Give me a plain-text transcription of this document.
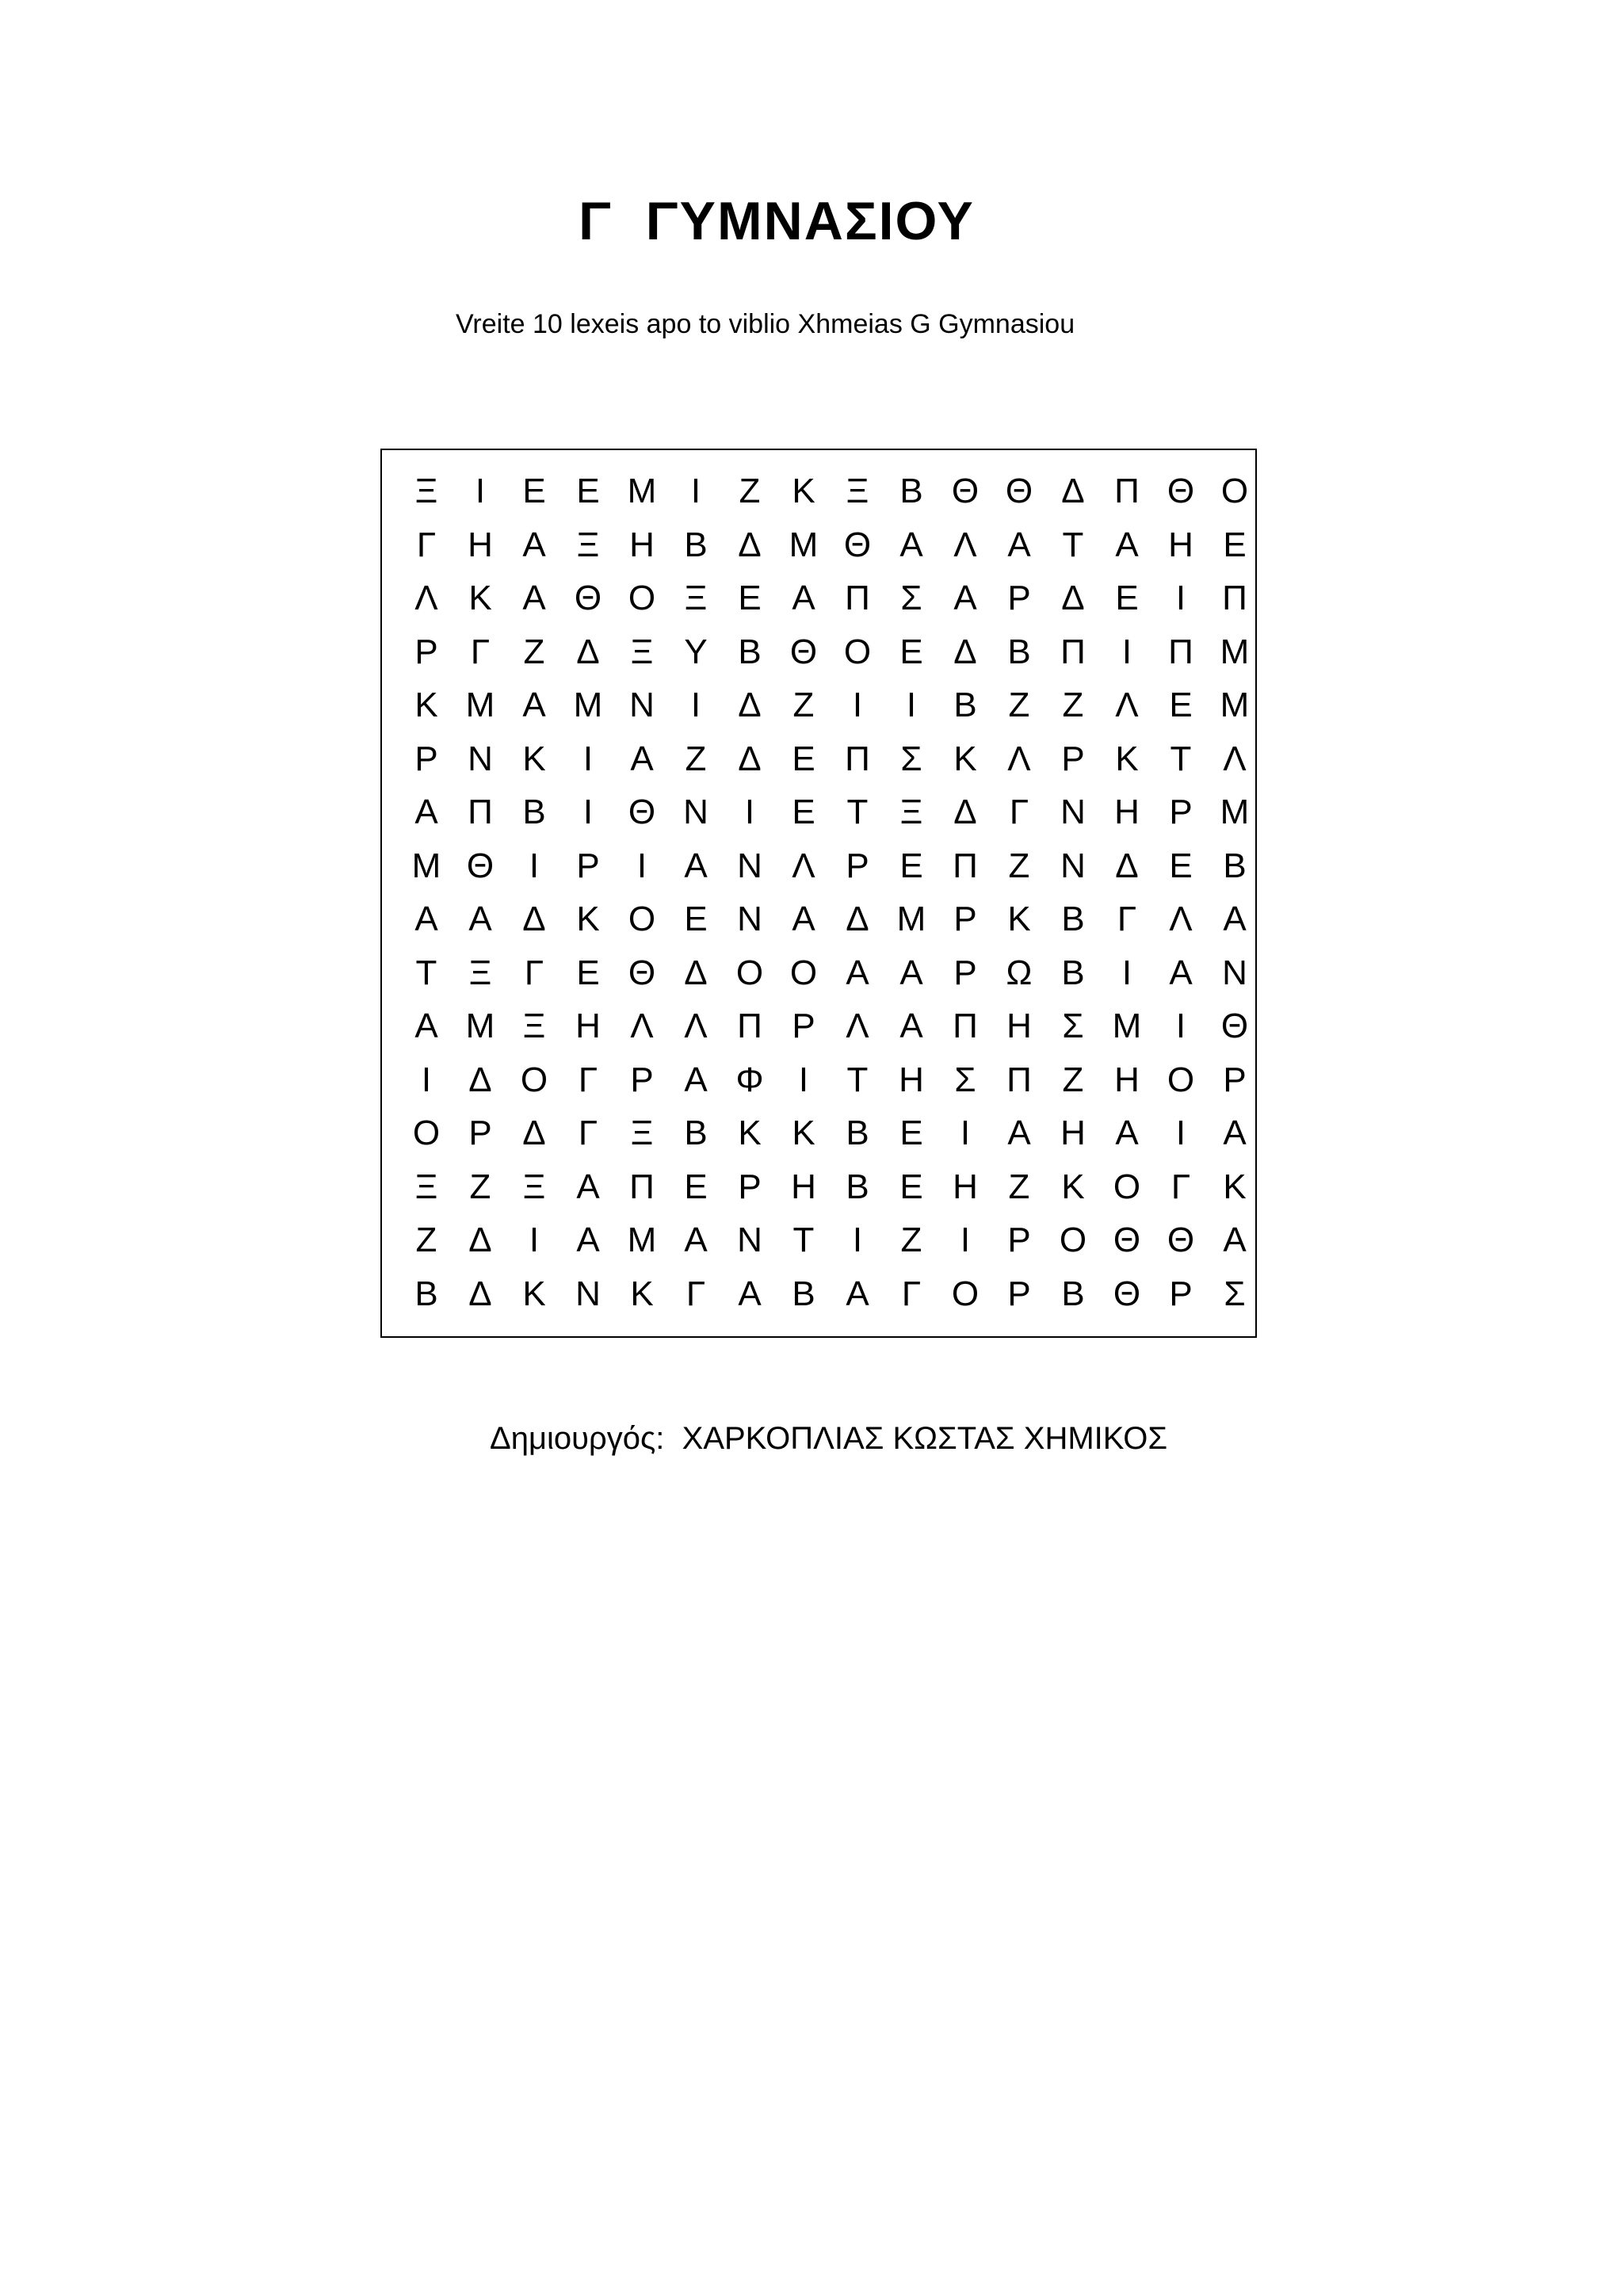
Γ  ΓΥΜΝΑΣΙΟΥ
Vreite 10 lexeis apo to viblio Xhmeias G Gymnasiou
Ξ	Ι	Ε Ε Μ Ι	Ζ Κ Ξ Β Θ Θ Δ Π Θ Ο
Γ Η Α Ξ Η Β Δ Μ Θ Α Λ Α Τ Α Η Ε
Λ Κ Α Θ Ο Ξ Ε Α Π Σ Α Ρ Δ Ε	Ι	Π
Ρ Γ Ζ Δ Ξ Υ Β Θ Ο Ε Δ Β Π	Ι	Π Μ
Κ Μ Α Μ Ν	Ι	Δ Ζ	Ι	Ι	Β Ζ Ζ Λ Ε Μ
Ρ Ν Κ	Ι	Α Ζ Δ Ε Π Σ Κ Λ Ρ Κ Τ Λ
Α Π Β	Ι	Θ Ν	Ι	Ε Τ Ξ Δ Γ Ν Η Ρ Μ
Μ Θ	Ι	Ρ	Ι	Α Ν Λ Ρ Ε Π Ζ Ν Δ Ε Β
Α Α Δ Κ Ο Ε Ν Α Δ Μ Ρ Κ Β Γ Λ Α
Τ Ξ Γ Ε Θ Δ Ο Ο Α Α Ρ Ω Β	Ι	Α Ν
Α Μ Ξ Η Λ Λ Π Ρ Λ Α Π Η Σ Μ Ι	Θ
Ι	Δ Ο Γ Ρ Α Φ	Ι	Τ Η Σ Π Ζ Η Ο Ρ
Ο Ρ Δ Γ Ξ Β Κ Κ Β Ε	Ι	Α Η Α	Ι	Α
Ξ Ζ Ξ Α Π Ε Ρ Η Β Ε Η Ζ Κ Ο Γ Κ
Ζ Δ	Ι	Α Μ Α Ν Τ	Ι	Ζ	Ι	Ρ Ο Θ Θ Α
Β Δ Κ Ν Κ Γ Α Β Α Γ Ο Ρ Β Θ Ρ Σ
Δημιουργός:  ΧΑΡΚΟΠΛΙΑΣ ΚΩΣΤΑΣ ΧΗΜΙΚΟΣ
